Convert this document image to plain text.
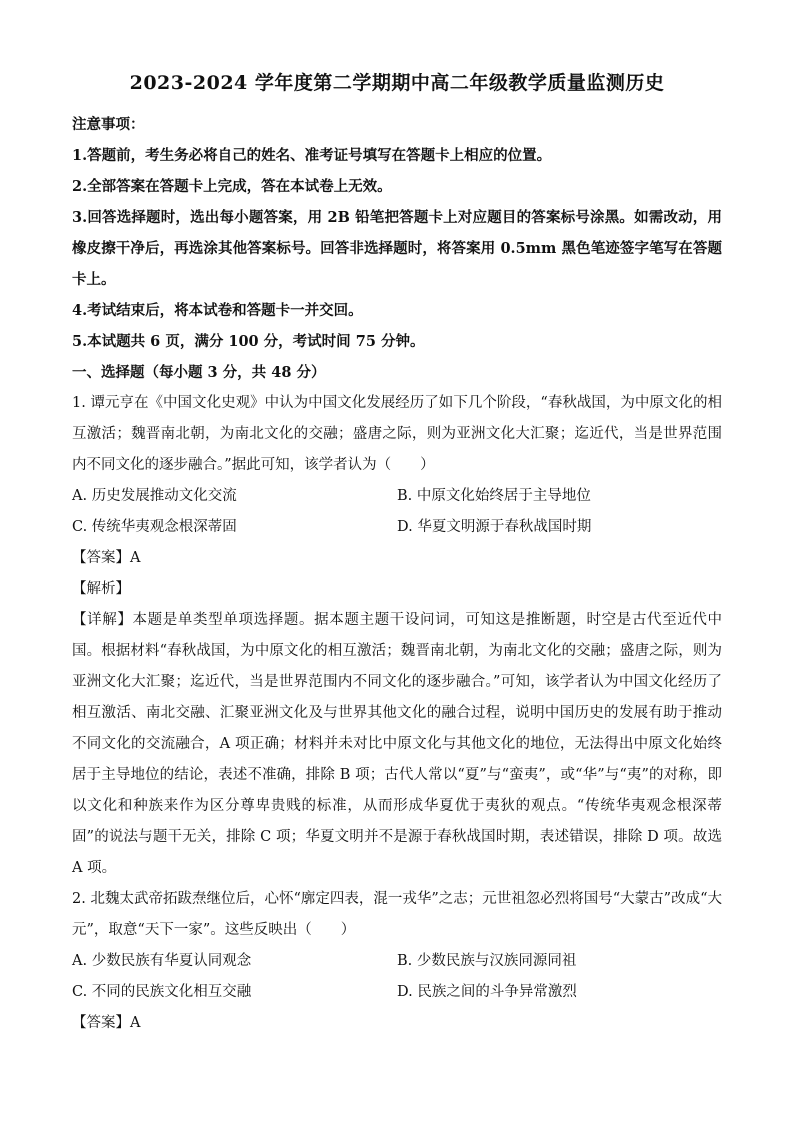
2023-2024 学年度第二学期期中高二年级教学质量监测历史
注意事项：
1.答题前，考生务必将自己的姓名、准考证号填写在答题卡上相应的位置。
2.全部答案在答题卡上完成，答在本试卷上无效。
3.回答选择题时，选出每小题答案，用 2B 铅笔把答题卡上对应题目的答案标号涂黑。如需改动，用橡皮擦干净后，再选涂其他答案标号。回答非选择题时，将答案用 0.5mm 黑色笔迹签字笔写在答题卡上。
4.考试结束后，将本试卷和答题卡一并交回。
5.本试题共 6 页，满分 100 分，考试时间 75 分钟。
一、选择题（每小题 3 分，共 48 分）
1. 谭元亨在《中国文化史观》中认为中国文化发展经历了如下几个阶段，“春秋战国，为中原文化的相互激活；魏晋南北朝，为南北文化的交融；盛唐之际，则为亚洲文化大汇聚；迄近代，当是世界范围内不同文化的逐步融合。”据此可知，该学者认为（　　）
A. 历史发展推动文化交流	B. 中原文化始终居于主导地位
C. 传统华夷观念根深蒂固	D. 华夏文明源于春秋战国时期
【答案】A
【解析】
【详解】本题是单类型单项选择题。据本题主题干设问词，可知这是推断题，时空是古代至近代中国。根据材料“春秋战国，为中原文化的相互激活；魏晋南北朝，为南北文化的交融；盛唐之际，则为亚洲文化大汇聚；迄近代，当是世界范围内不同文化的逐步融合。”可知，该学者认为中国文化经历了相互激活、南北交融、汇聚亚洲文化及与世界其他文化的融合过程，说明中国历史的发展有助于推动不同文化的交流融合，A 项正确；材料并未对比中原文化与其他文化的地位，无法得出中原文化始终居于主导地位的结论，表述不准确，排除 B 项；古代人常以“夏”与“蛮夷”，或“华”与“夷”的对称，即以文化和种族来作为区分尊卑贵贱的标准，从而形成华夏优于夷狄的观点。“传统华夷观念根深蒂固”的说法与题干无关，排除 C 项；华夏文明并不是源于春秋战国时期，表述错误，排除 D 项。故选 A 项。
2. 北魏太武帝拓跋焘继位后，心怀“廓定四表，混一戎华”之志；元世祖忽必烈将国号“大蒙古”改成“大元”，取意“天下一家”。这些反映出（　　）
A. 少数民族有华夏认同观念	B. 少数民族与汉族同源同祖
C. 不同的民族文化相互交融	D. 民族之间的斗争异常激烈
【答案】A
